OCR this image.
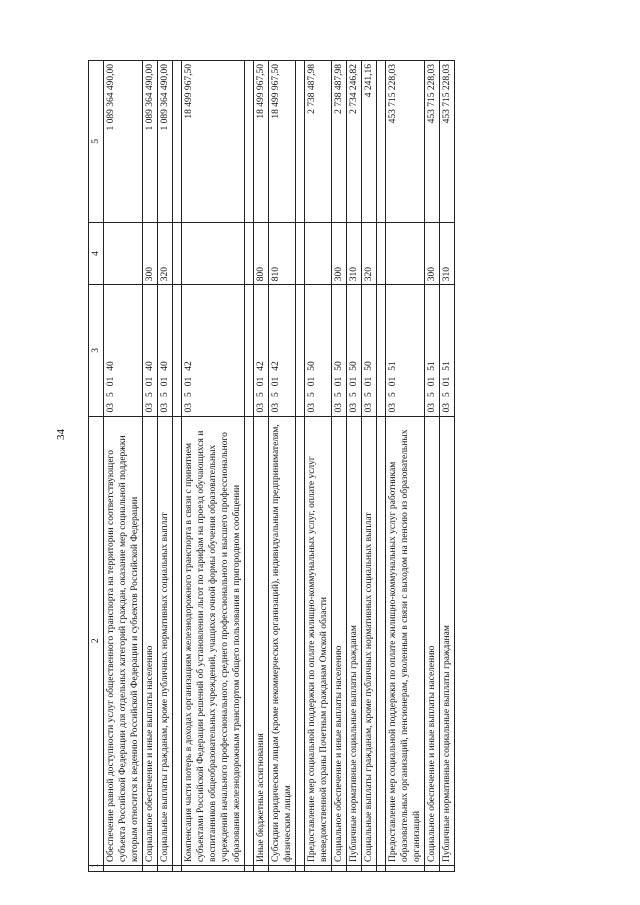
34
1	2	3	4	5
	Обеспечение равной доступности услуг общественного транспорта на территории соответствующего субъекта Российской Федерации для отдельных категорий граждан, оказание мер социальной поддержки которым относится к ведению Российской Федерации и субъектов Российской Федерации	0350140		1 089 364 490,00
	Социальное обеспечение и иные выплаты населению	0350140	300	1 089 364 490,00
	Социальные выплаты гражданам, кроме публичных нормативных социальных выплат	0350140	320	1 089 364 490,00

	Компенсация части потерь в доходах организациям железнодорожного транспорта в связи с принятием субъектами Российской Федерации решений об установлении льгот по тарифам на проезд обучающихся и воспитанников общеобразовательных учреждений, учащихся очной формы обучения образовательных учреждений начального профессионального, среднего профессионального и высшего профессионального образования железнодорожным транспортом общего пользования в пригородном сообщении	0350142		18 499 967,50

	Иные бюджетные ассигнования	0350142	800	18 499 967,50
	Субсидии юридическим лицам (кроме некоммерческих организаций), индивидуальным предпринимателям, физическим лицам	0350142	810	18 499 967,50

	Предоставление мер социальной поддержки по оплате жилищно-коммунальных услуг, оплате услуг вневедомственной охраны Почетным гражданам Омской области	0350150		2 738 487,98
	Социальное обеспечение и иные выплаты населению	0350150	300	2 738 487,98
	Публичные нормативные социальные выплаты гражданам	0350150	310	2 734 246,82
	Социальные выплаты гражданам, кроме публичных нормативных социальных выплат	0350150	320	4 241,16

	Предоставление мер социальной поддержки по оплате жилищно-коммунальных услуг работникам образовательных организаций, пенсионерам, уволенным в связи с выходом на пенсию из образовательных организаций	0350151		453 715 228,03
	Социальное обеспечение и иные выплаты населению	0350151	300	453 715 228,03
	Публичные нормативные социальные выплаты гражданам	0350151	310	453 715 228,03
